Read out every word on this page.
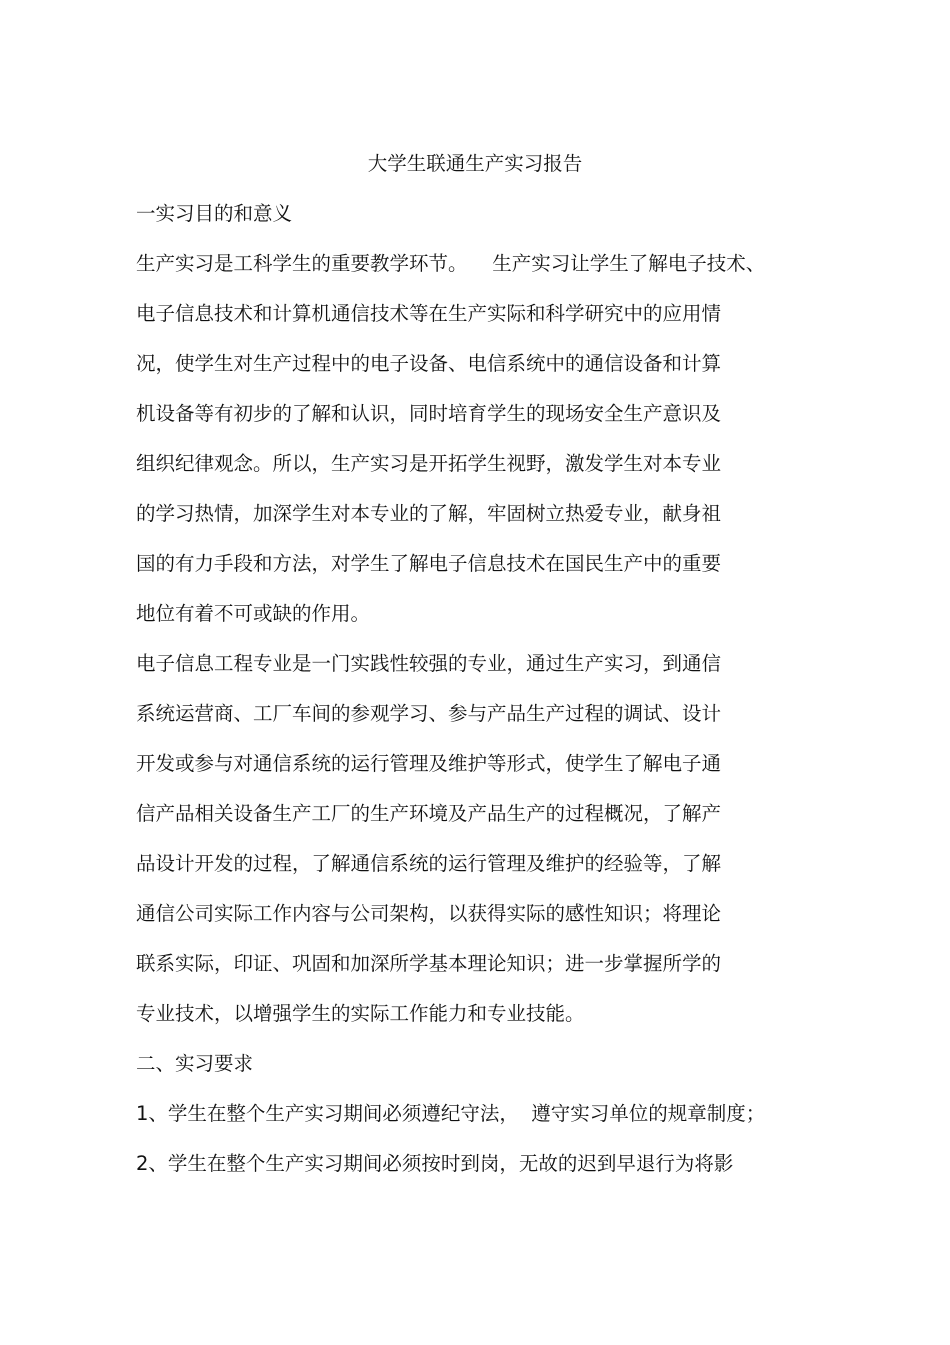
大学生联通生产实习报告
一实习目的和意义
生产实习是工科学生的重要教学环节。    生产实习让学生了解电子技术、
电子信息技术和计算机通信技术等在生产实际和科学研究中的应用情
况，使学生对生产过程中的电子设备、电信系统中的通信设备和计算
机设备等有初步的了解和认识，同时培育学生的现场安全生产意识及
组织纪律观念。所以，生产实习是开拓学生视野，激发学生对本专业
的学习热情，加深学生对本专业的了解，牢固树立热爱专业，献身祖
国的有力手段和方法，对学生了解电子信息技术在国民生产中的重要
地位有着不可或缺的作用。
电子信息工程专业是一门实践性较强的专业，通过生产实习，到通信
系统运营商、工厂车间的参观学习、参与产品生产过程的调试、设计
开发或参与对通信系统的运行管理及维护等形式，使学生了解电子通
信产品相关设备生产工厂的生产环境及产品生产的过程概况，了解产
品设计开发的过程，了解通信系统的运行管理及维护的经验等，了解
通信公司实际工作内容与公司架构，以获得实际的感性知识；将理论
联系实际，印证、巩固和加深所学基本理论知识；进一步掌握所学的
专业技术，以增强学生的实际工作能力和专业技能。
二、实习要求
1、学生在整个生产实习期间必须遵纪守法，  遵守实习单位的规章制度；
2、学生在整个生产实习期间必须按时到岗，无故的迟到早退行为将影
